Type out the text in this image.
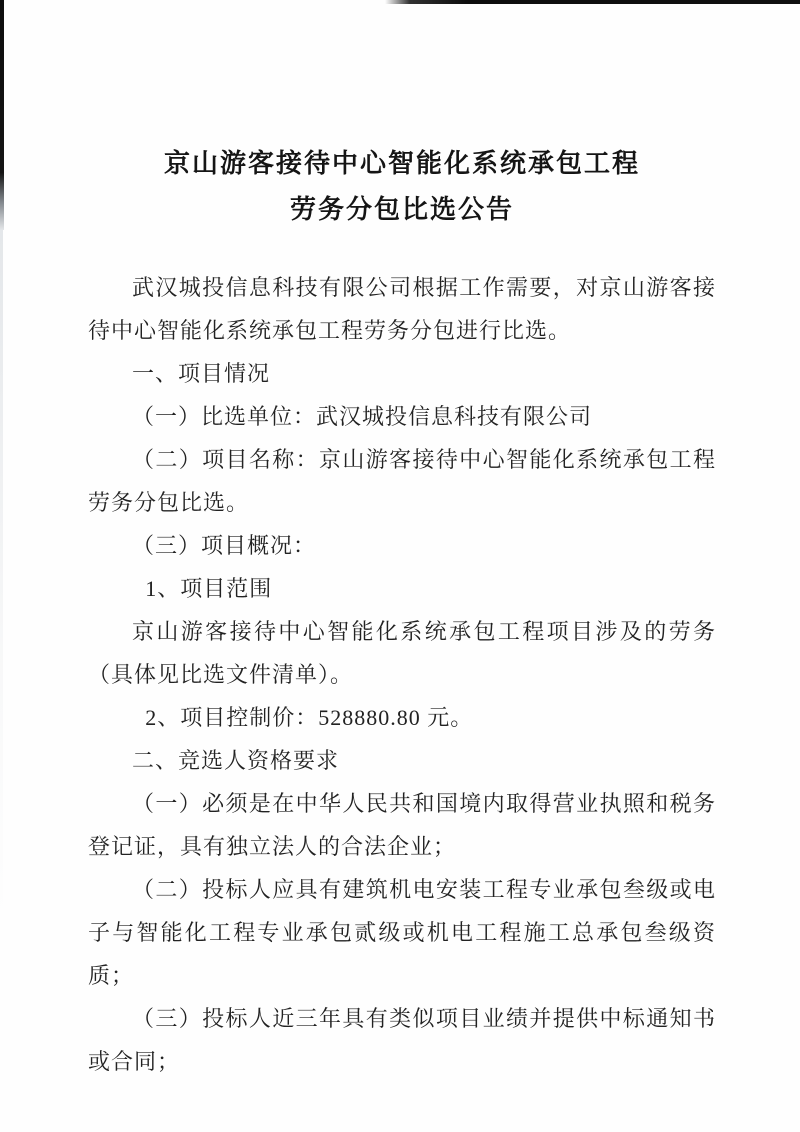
京山游客接待中心智能化系统承包工程
劳务分包比选公告

武汉城投信息科技有限公司根据工作需要，对京山游客接待中心智能化系统承包工程劳务分包进行比选。

一、项目情况

（一）比选单位：武汉城投信息科技有限公司

（二）项目名称：京山游客接待中心智能化系统承包工程劳务分包比选。

（三）项目概况：

1、项目范围

京山游客接待中心智能化系统承包工程项目涉及的劳务（具体见比选文件清单）。

2、项目控制价：528880.80 元。

二、竞选人资格要求

（一）必须是在中华人民共和国境内取得营业执照和税务登记证，具有独立法人的合法企业；

（二）投标人应具有建筑机电安装工程专业承包叁级或电子与智能化工程专业承包贰级或机电工程施工总承包叁级资质；

（三）投标人近三年具有类似项目业绩并提供中标通知书或合同；
